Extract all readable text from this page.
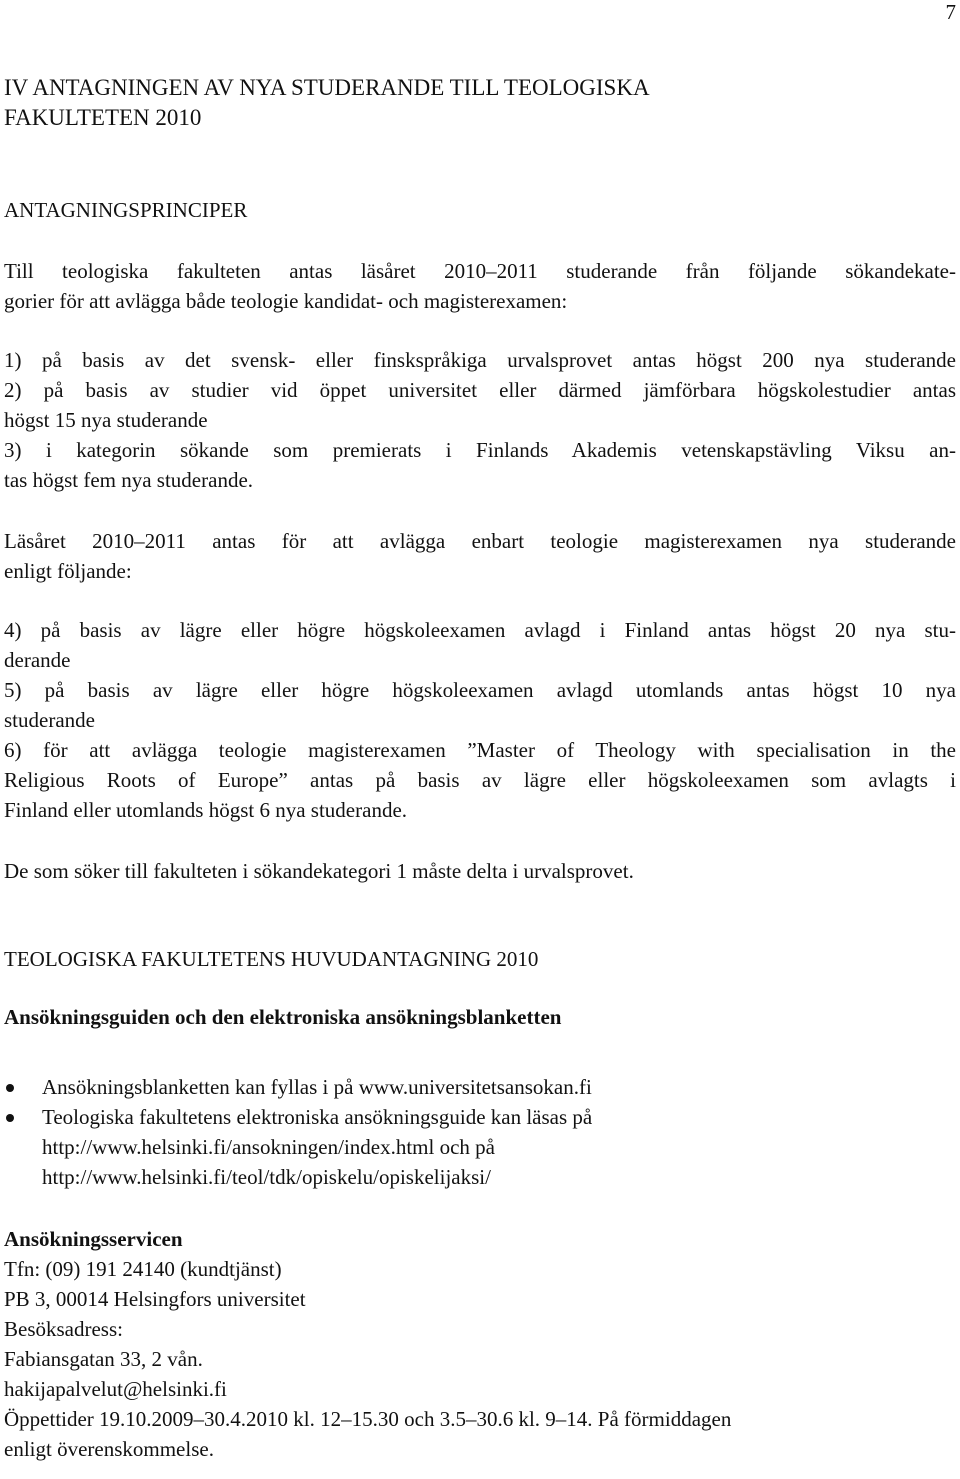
7
IV ANTAGNINGEN AV NYA STUDERANDE TILL TEOLOGISKA
FAKULTETEN 2010
ANTAGNINGSPRINCIPER
Till teologiska fakulteten antas läsåret 2010–2011 studerande från följande sökandekate-
gorier för att avlägga både teologie kandidat- och magisterexamen:
1) på basis av det svensk- eller finskspråkiga urvalsprovet antas högst 200 nya studerande
2) på basis av studier vid öppet universitet eller därmed jämförbara högskolestudier antas
högst 15 nya studerande
3) i kategorin sökande som premierats i Finlands Akademis vetenskapstävling Viksu an-
tas högst fem nya studerande.
Läsåret 2010–2011 antas för att avlägga enbart teologie magisterexamen nya studerande
enligt följande:
4) på basis av lägre eller högre högskoleexamen avlagd i Finland antas högst 20 nya stu-
derande
5) på basis av lägre eller högre högskoleexamen avlagd utomlands antas högst 10 nya
studerande
6) för att avlägga teologie magisterexamen ”Master of Theology with specialisation in the
Religious Roots of Europe” antas på basis av lägre eller högskoleexamen som avlagts i
Finland eller utomlands högst 6 nya studerande.
De som söker till fakulteten i sökandekategori 1 måste delta i urvalsprovet.
TEOLOGISKA FAKULTETENS HUVUDANTAGNING 2010
Ansökningsguiden och den elektroniska ansökningsblanketten
Ansökningsblanketten kan fyllas i på www.universitetsansokan.fi
Teologiska fakultetens elektroniska ansökningsguide kan läsas på
http://www.helsinki.fi/ansokningen/index.html och på
http://www.helsinki.fi/teol/tdk/opiskelu/opiskelijaksi/
Ansökningsservicen
Tfn: (09) 191 24140 (kundtjänst)
PB 3, 00014 Helsingfors universitet
Besöksadress:
Fabiansgatan 33, 2 vån.
hakijapalvelut@helsinki.fi
Öppettider 19.10.2009–30.4.2010 kl. 12–15.30 och 3.5–30.6 kl. 9–14. På förmiddagen
enligt överenskommelse.
